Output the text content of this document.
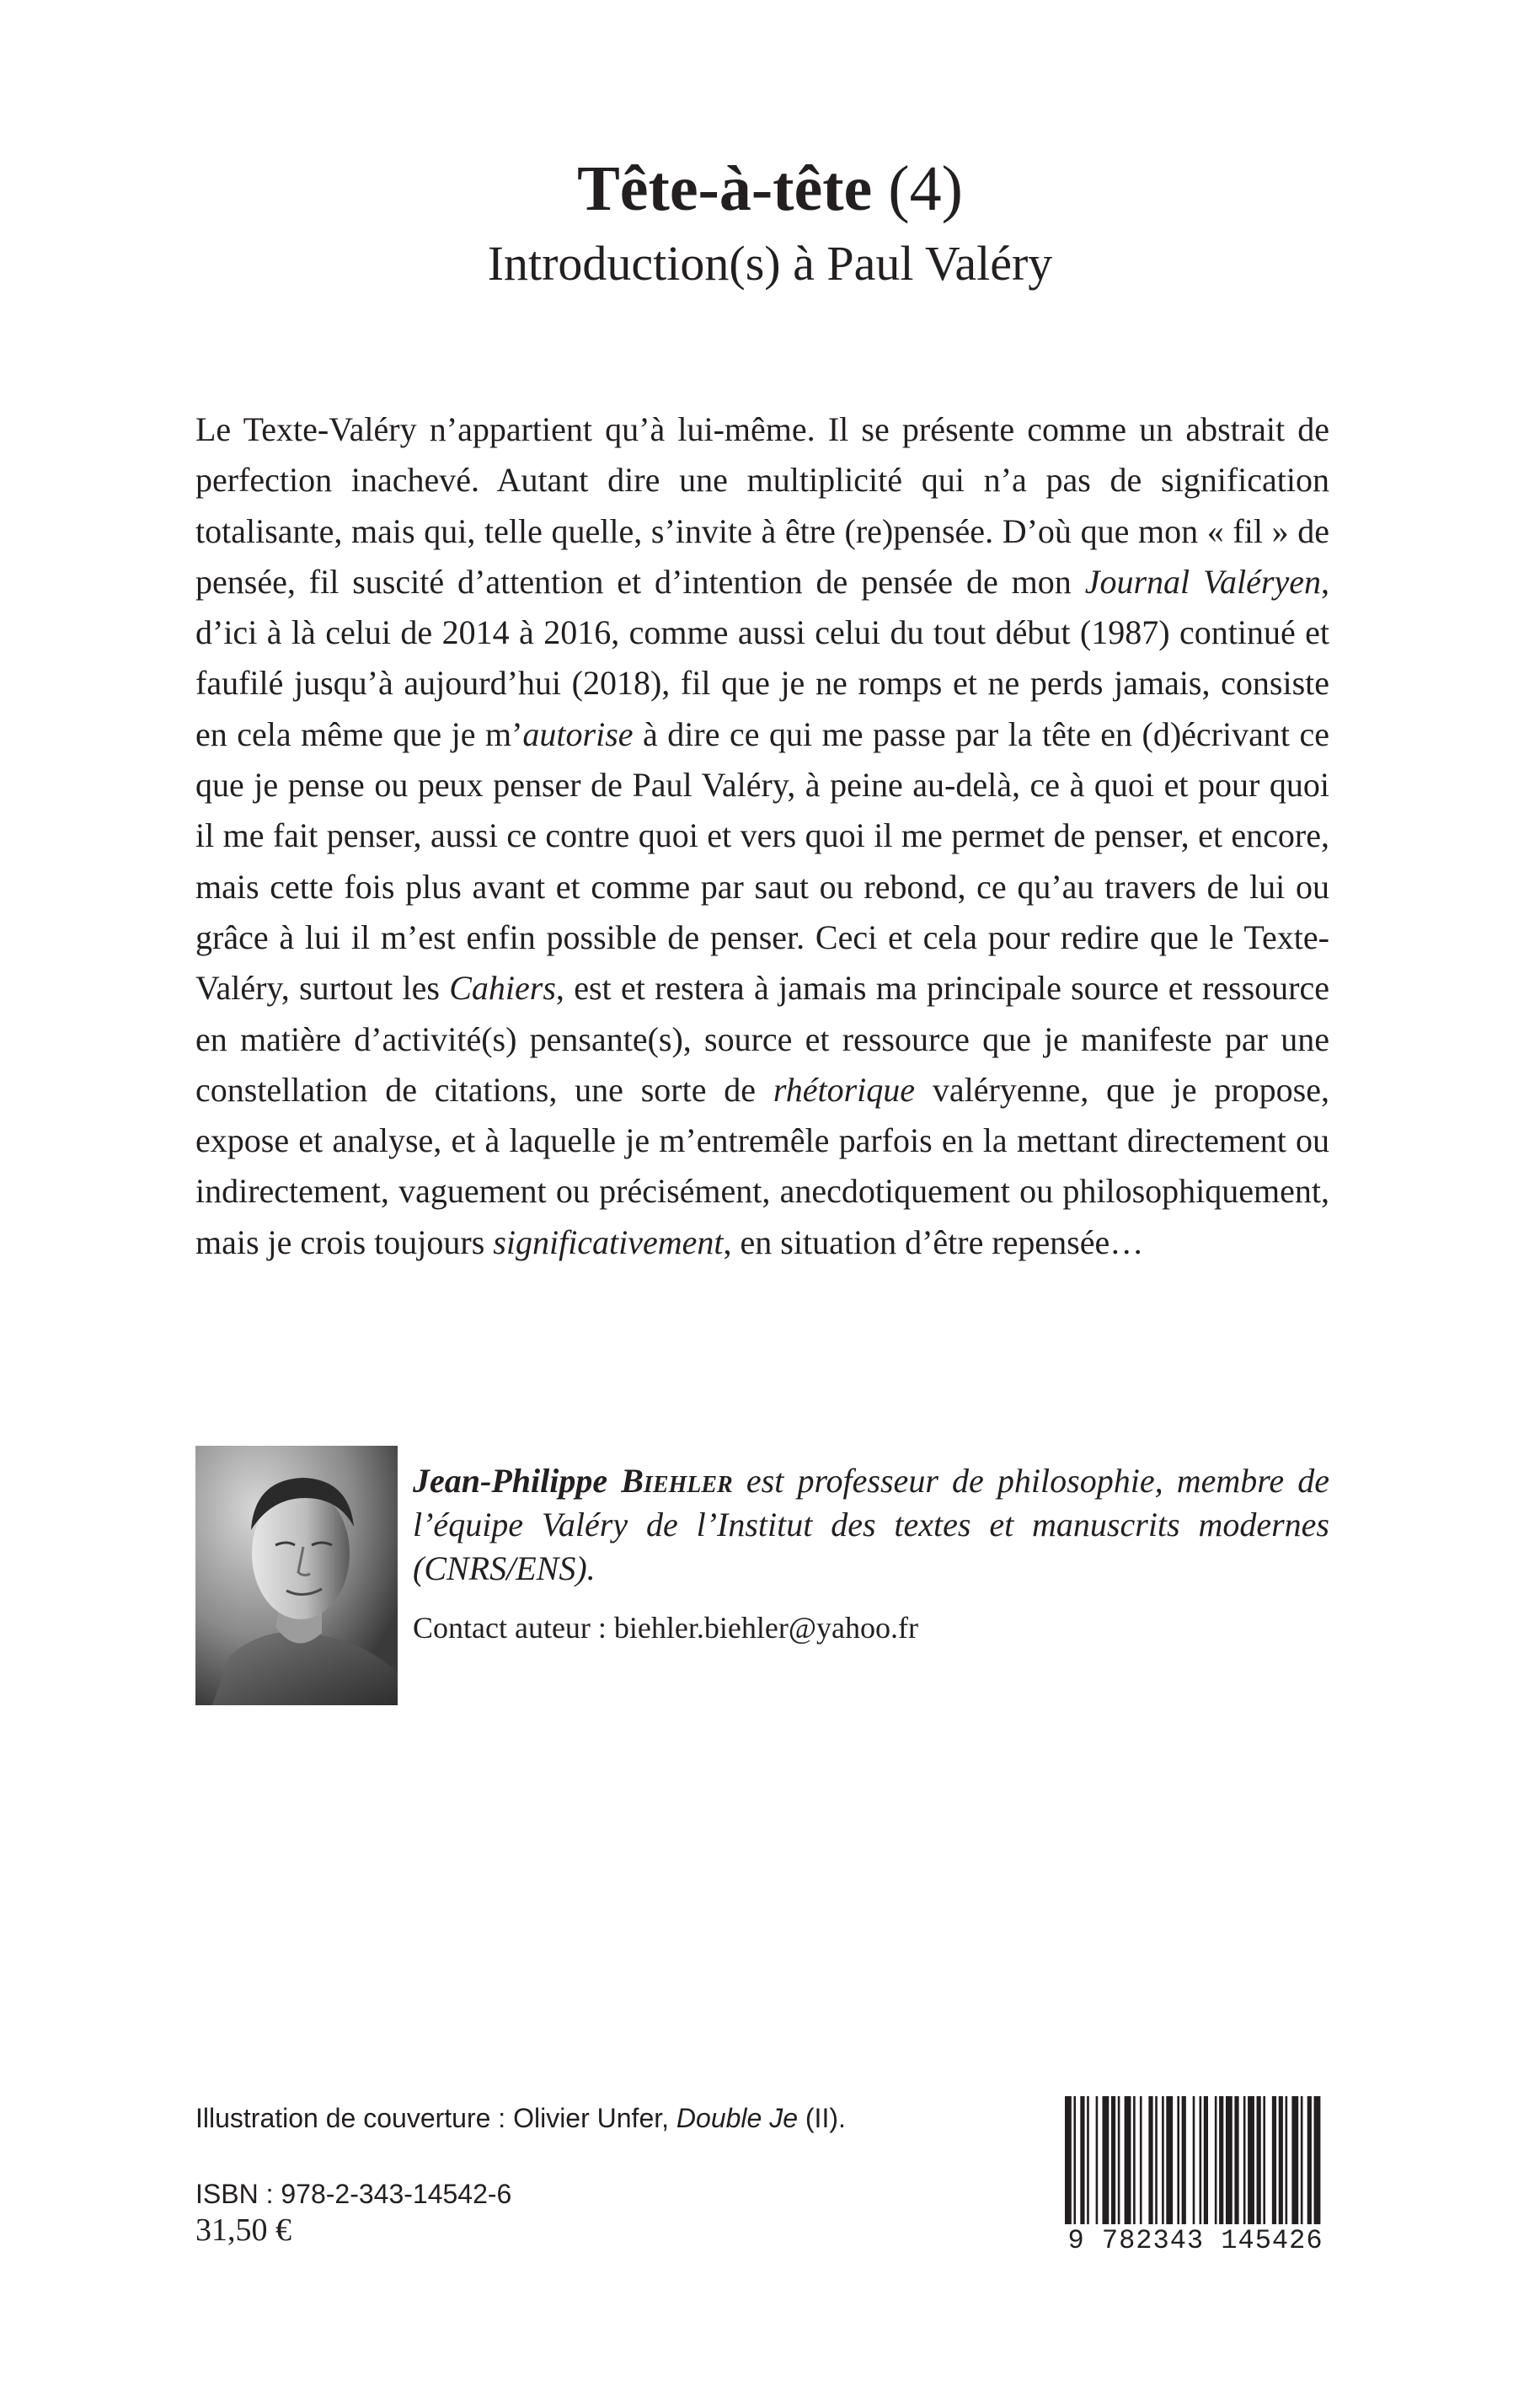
Tête-à-tête (4)
Introduction(s) à Paul Valéry

Le Texte-Valéry n’appartient qu’à lui-même. Il se présente comme un abstrait de perfection inachevé. Autant dire une multiplicité qui n’a pas de signification totalisante, mais qui, telle quelle, s’invite à être (re)pensée. D’où que mon « fil » de pensée, fil suscité d’attention et d’intention de pensée de mon Journal Valéryen, d’ici à là celui de 2014 à 2016, comme aussi celui du tout début (1987) continué et faufilé jusqu’à aujourd’hui (2018), fil que je ne romps et ne perds jamais, consiste en cela même que je m’autorise à dire ce qui me passe par la tête en (d)écrivant ce que je pense ou peux penser de Paul Valéry, à peine au-delà, ce à quoi et pour quoi il me fait penser, aussi ce contre quoi et vers quoi il me permet de penser, et encore, mais cette fois plus avant et comme par saut ou rebond, ce qu’au travers de lui ou grâce à lui il m’est enfin possible de penser. Ceci et cela pour redire que le Texte-Valéry, surtout les Cahiers, est et restera à jamais ma principale source et ressource en matière d’activité(s) pensante(s), source et ressource que je manifeste par une constellation de citations, une sorte de rhétorique valéryenne, que je propose, expose et analyse, et à laquelle je m’entremêle parfois en la mettant directement ou indirectement, vaguement ou précisément, anecdotiquement ou philosophiquement, mais je crois toujours significativement, en situation d’être repensée…

Jean-Philippe Biehler est professeur de philosophie, membre de l’équipe Valéry de l’Institut des textes et manuscrits modernes (CNRS/ENS).

Contact auteur : biehler.biehler@yahoo.fr
Illustration de couverture : Olivier Unfer, Double Je (II).
ISBN : 978-2-343-14542-6
31,50 €	9 782343 145426
